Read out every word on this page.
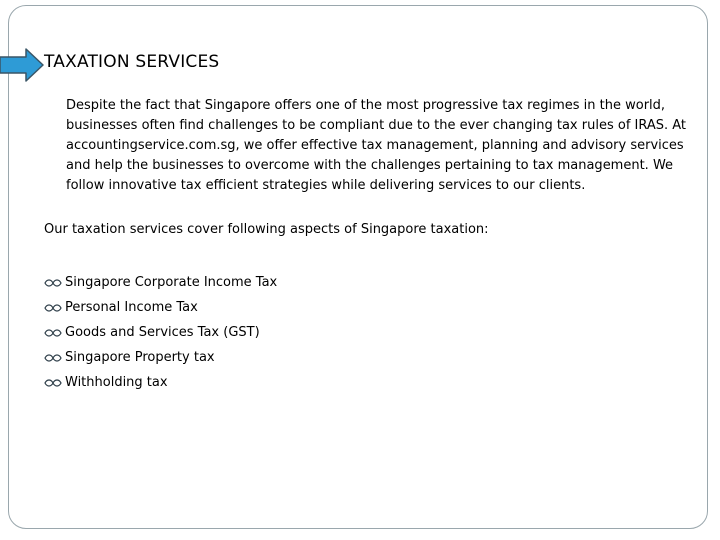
TAXATION SERVICES

Despite the fact that Singapore offers one of the most progressive tax regimes in the world,
businesses often find challenges to be compliant due to the ever changing tax rules of IRAS. At
accountingservice.com.sg, we offer effective tax management, planning and advisory services
and help the businesses to overcome with the challenges pertaining to tax management. We
follow innovative tax efficient strategies while delivering services to our clients.

Our taxation services cover following aspects of Singapore taxation:
Singapore Corporate Income Tax
Personal Income Tax
Goods and Services Tax (GST)
Singapore Property tax
Withholding tax
